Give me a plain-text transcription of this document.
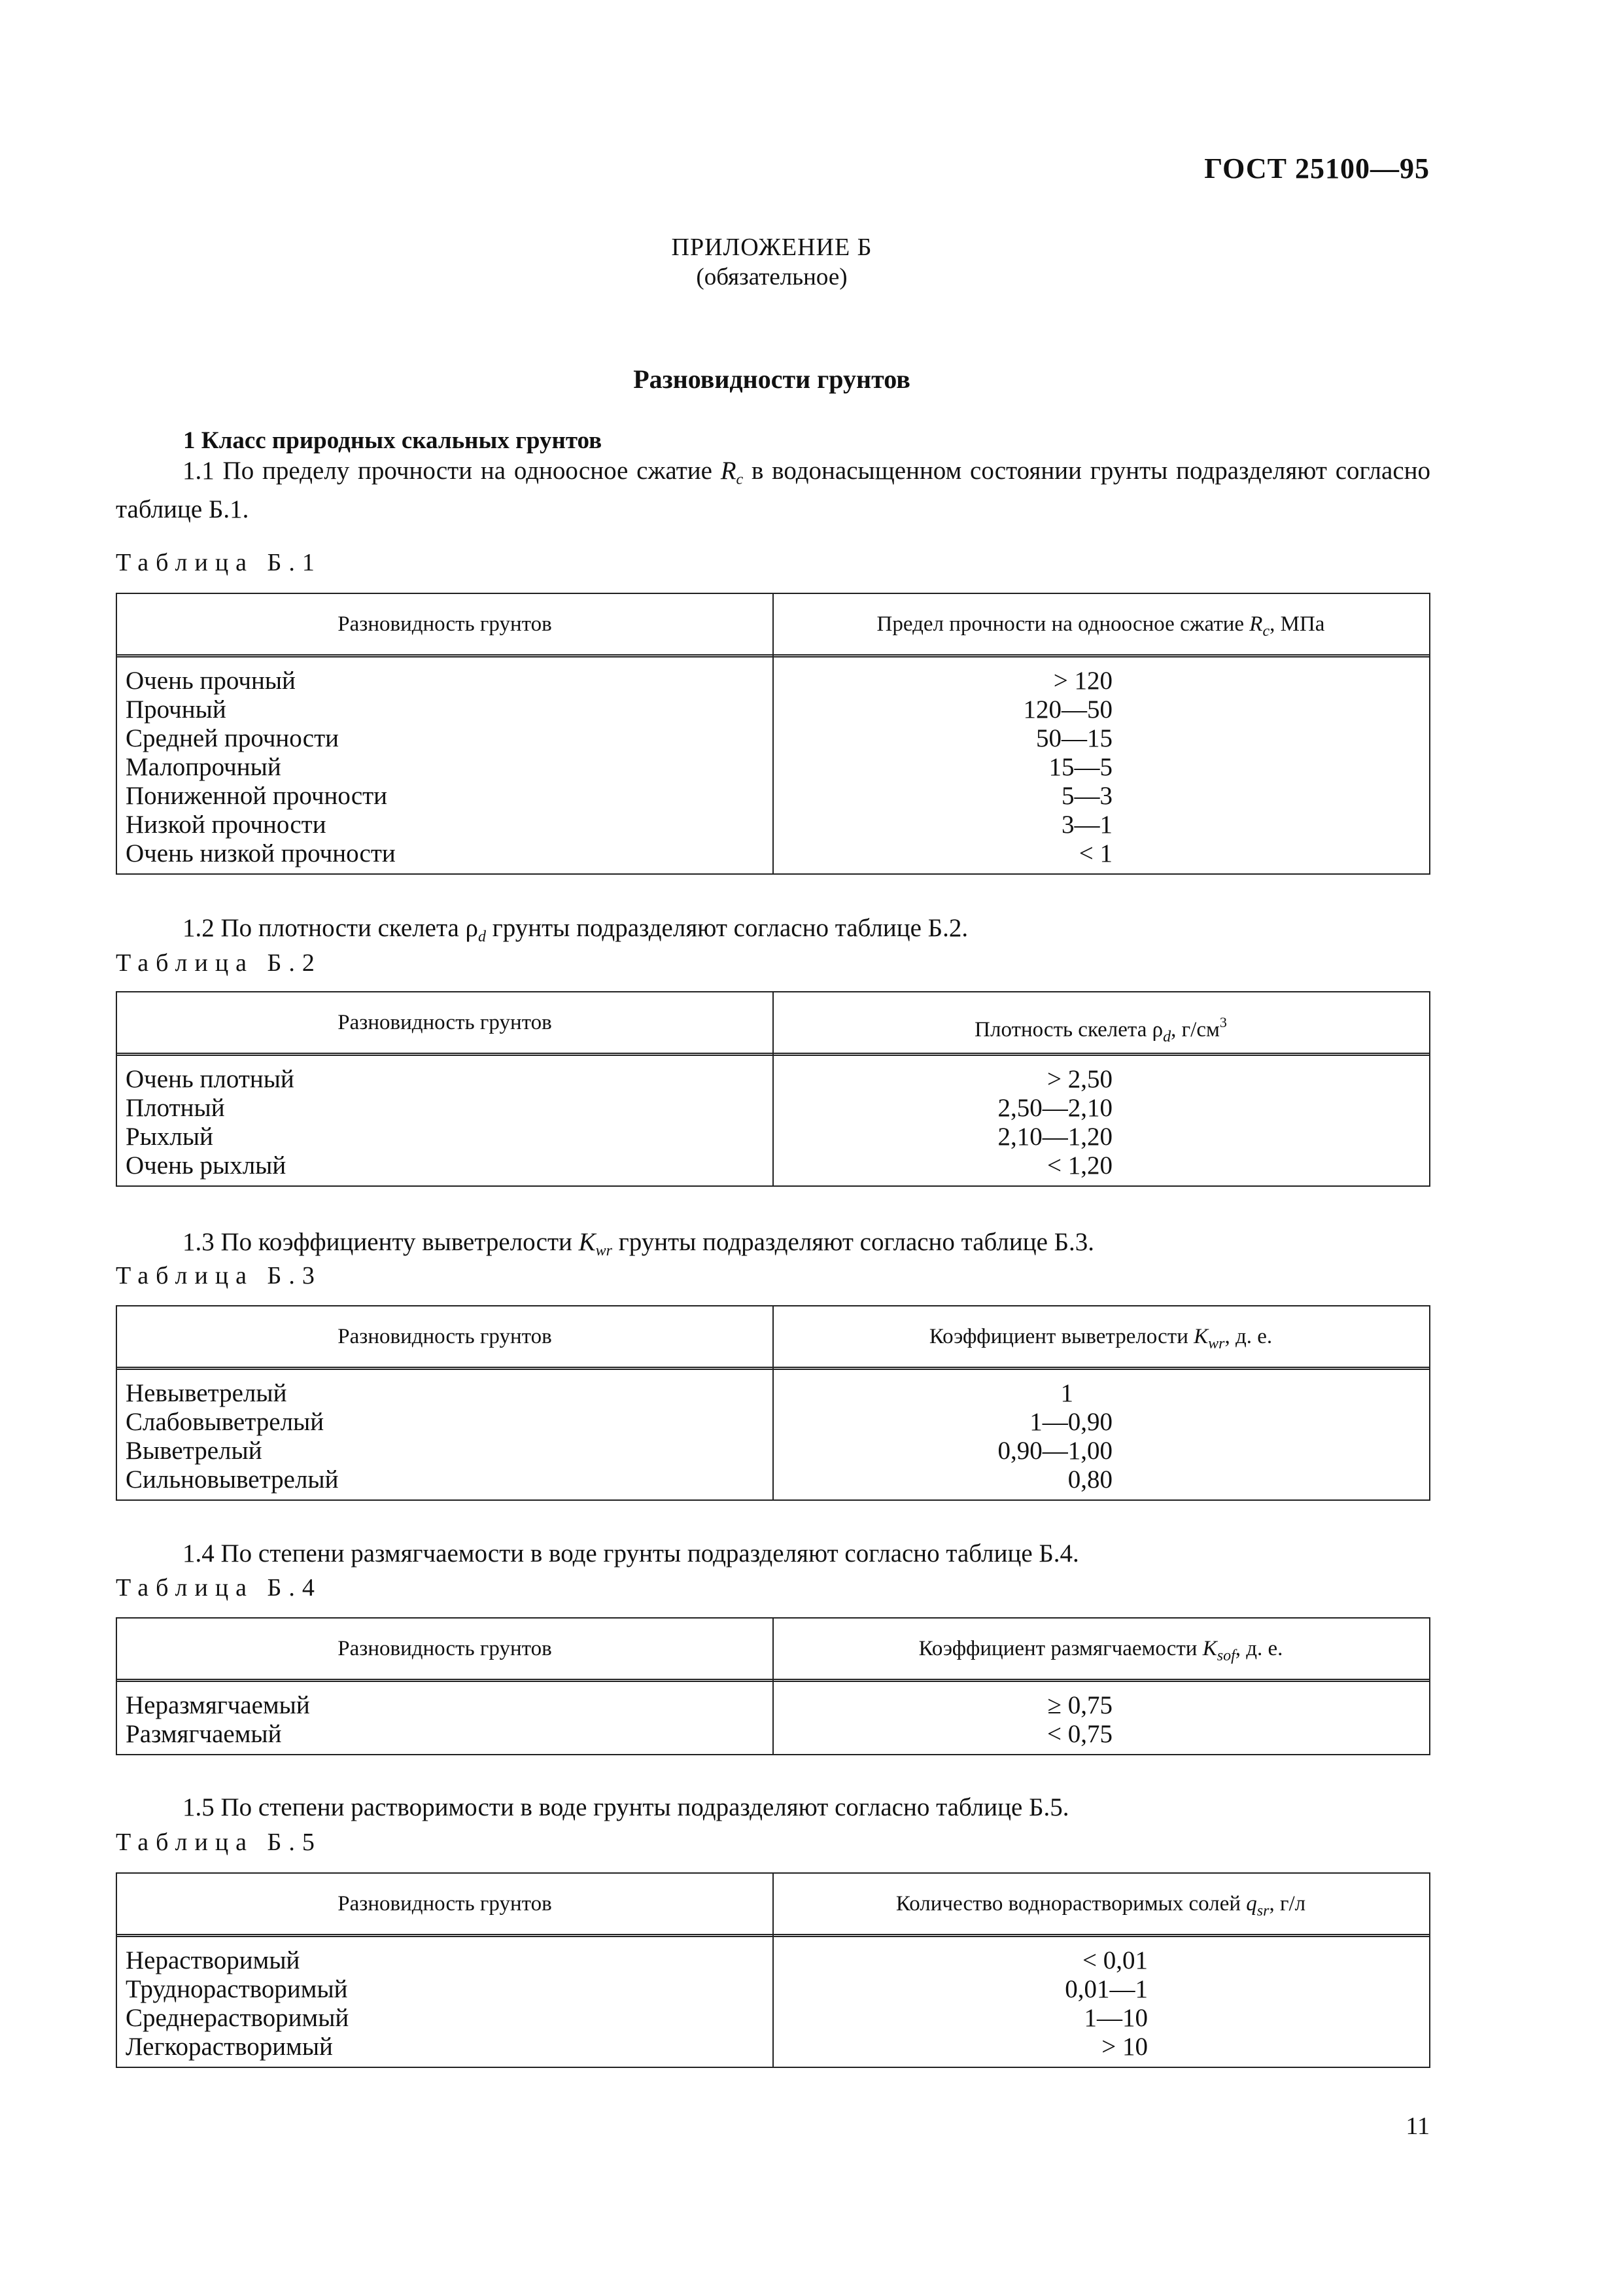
ГОСТ 25100—95
ПРИЛОЖЕНИЕ Б
(обязательное)
Разновидности грунтов
1 Класс природных скальных грунтов
1.1 По пределу прочности на одноосное сжатие $R_c$ в водонасыщенном состоянии грунты подразделяют согласно таблице Б.1.
Таблица Б.1
Разновидность грунтов	Предел прочности на одноосное сжатие $R_c$, МПа
Очень прочный	> 120
Прочный	120—50
Средней прочности	50—15
Малопрочный	15—5
Пониженной прочности	5—3
Низкой прочности	3—1
Очень низкой прочности	< 1
1.2 По плотности скелета $\rho_d$ грунты подразделяют согласно таблице Б.2.
Таблица Б.2
Разновидность грунтов	Плотность скелета $\rho_d$, $г/см^3$
Очень плотный	> 2,50
Плотный	2,50—2,10
Рыхлый	2,10—1,20
Очень рыхлый	< 1,20
1.3 По коэффициенту выветрелости $K_{wr}$ грунты подразделяют согласно таблице Б.3.
Таблица Б.3
Разновидность грунтов	Коэффициент выветрелости $K_{wr}$, д. е.
Невыветрелый	1
Слабовыветрелый	1—0,90
Выветрелый	0,90—1,00
Сильновыветрелый	0,80
1.4 По степени размягчаемости в воде грунты подразделяют согласно таблице Б.4.
Таблица Б.4
Разновидность грунтов	Коэффициент размягчаемости $K_{sof}$, д. е.
Неразмягчаемый	≥ 0,75
Размягчаемый	< 0,75
1.5 По степени растворимости в воде грунты подразделяют согласно таблице Б.5.
Таблица Б.5
Разновидность грунтов	Количество воднорастворимых солей $q_{sr}$, г/л
Нерастворимый	< 0,01
Труднорастворимый	0,01—1
Среднерастворимый	1—10
Легкорастворимый	> 10
11
